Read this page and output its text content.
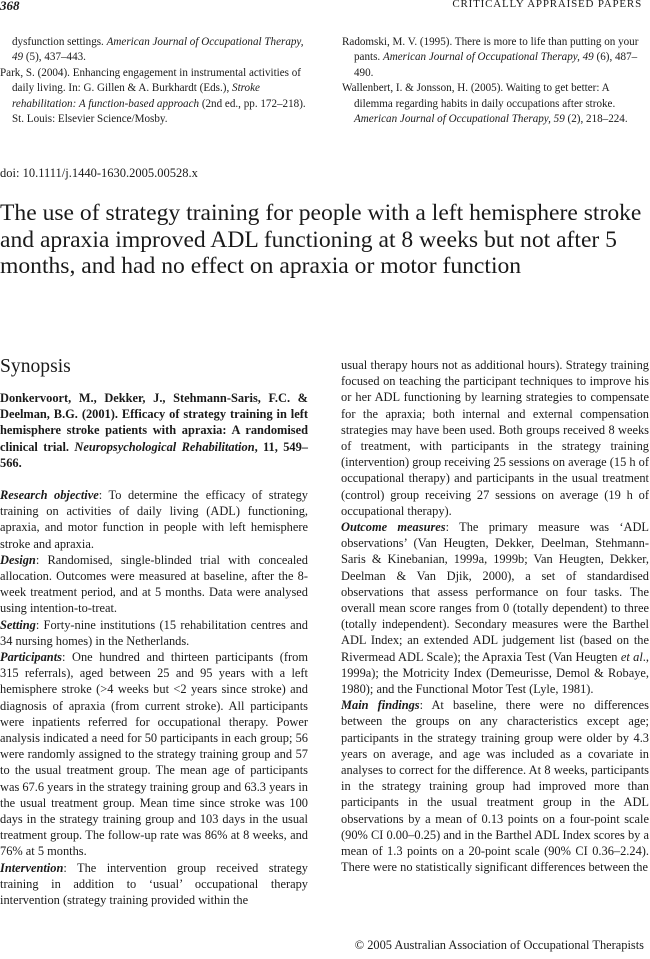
368	CRITICALLY APPRAISED PAPERS

dysfunction settings. American Journal of Occupational Therapy, 49 (5), 437–443.

Park, S. (2004). Enhancing engagement in instrumental activities of daily living. In: G. Gillen & A. Burkhardt (Eds.), Stroke rehabilitation: A function-based approach (2nd ed., pp. 172–218). St. Louis: Elsevier Science/Mosby.

Radomski, M. V. (1995). There is more to life than putting on your pants. American Journal of Occupational Therapy, 49 (6), 487–490.

Wallenbert, I. & Jonsson, H. (2005). Waiting to get better: A dilemma regarding habits in daily occupations after stroke. American Journal of Occupational Therapy, 59 (2), 218–224.

doi: 10.1111/j.1440-1630.2005.00528.x
The use of strategy training for people with a left hemisphere stroke and apraxia improved ADL functioning at 8 weeks but not after 5 months, and had no effect on apraxia or motor function
Synopsis

Donkervoort, M., Dekker, J., Stehmann-Saris, F.C. & Deelman, B.G. (2001). Efficacy of strategy training in left hemisphere stroke patients with apraxia: A randomised clinical trial. Neuropsychological Rehabilitation, 11, 549–566.

Research objective: To determine the efficacy of strategy training on activities of daily living (ADL) functioning, apraxia, and motor function in people with left hemisphere stroke and apraxia.

Design: Randomised, single-blinded trial with concealed allocation. Outcomes were measured at baseline, after the 8-week treatment period, and at 5 months. Data were analysed using intention-to-treat.

Setting: Forty-nine institutions (15 rehabilitation centres and 34 nursing homes) in the Netherlands.

Participants: One hundred and thirteen participants (from 315 referrals), aged between 25 and 95 years with a left hemisphere stroke (>4 weeks but <2 years since stroke) and diagnosis of apraxia (from current stroke). All participants were inpatients referred for occupational therapy. Power analysis indicated a need for 50 participants in each group; 56 were randomly assigned to the strategy training group and 57 to the usual treatment group. The mean age of participants was 67.6 years in the strategy training group and 63.3 years in the usual treatment group. Mean time since stroke was 100 days in the strategy training group and 103 days in the usual treatment group. The follow-up rate was 86% at 8 weeks, and 76% at 5 months.

Intervention: The intervention group received strategy training in addition to ‘usual’ occupational therapy intervention (strategy training provided within the

usual therapy hours not as additional hours). Strategy training focused on teaching the participant techniques to improve his or her ADL functioning by learning strategies to compensate for the apraxia; both internal and external compensation strategies may have been used. Both groups received 8 weeks of treatment, with participants in the strategy training (intervention) group receiving 25 sessions on average (15 h of occupational therapy) and participants in the usual treatment (control) group receiving 27 sessions on average (19 h of occupational therapy).

Outcome measures: The primary measure was ‘ADL observations’ (Van Heugten, Dekker, Deelman, Stehmann-Saris & Kinebanian, 1999a, 1999b; Van Heugten, Dekker, Deelman & Van Djik, 2000), a set of standardised observations that assess performance on four tasks. The overall mean score ranges from 0 (totally dependent) to three (totally independent). Secondary measures were the Barthel ADL Index; an extended ADL judgement list (based on the Rivermead ADL Scale); the Apraxia Test (Van Heugten et al., 1999a); the Motricity Index (Demeurisse, Demol & Robaye, 1980); and the Functional Motor Test (Lyle, 1981).

Main findings: At baseline, there were no differences between the groups on any characteristics except age; participants in the strategy training group were older by 4.3 years on average, and age was included as a covariate in analyses to correct for the difference. At 8 weeks, participants in the strategy training group had improved more than participants in the usual treatment group in the ADL observations by a mean of 0.13 points on a four-point scale (90% CI 0.00–0.25) and in the Barthel ADL Index scores by a mean of 1.3 points on a 20-point scale (90% CI 0.36–2.24). There were no statistically significant differences between the

© 2005 Australian Association of Occupational Therapists
